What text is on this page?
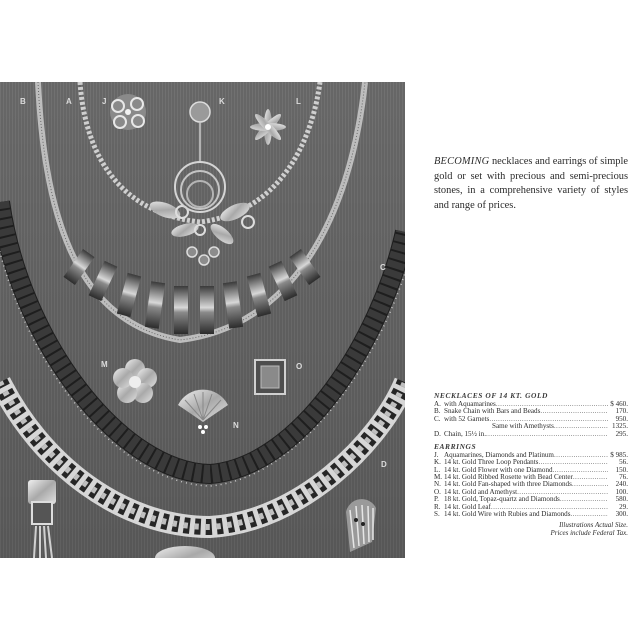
B	A	J	K	L
C
M
N
O
D

BECOMING necklaces and earrings of simple gold or set with precious and semi-precious stones, in a comprehensive variety of styles and range of prices.

NECKLACES OF 14 KT. GOLD
A. with Aquamarines .....	$ 460.
B. Snake Chain with Bars and Beads .....	170.
C. with 52 Garnets .....	950.
Same with Amethysts .....	1325.
D. Chain, 15½ in. .....	295.
EARRINGS
J. Aquamarines, Diamonds and Platinum .....	$ 985.
K. 14 kt. Gold Three Loop Pendants .....	56.
L. 14 kt. Gold Flower with one Diamond .....	150.
M. 14 kt. Gold Ribbed Rosette with Bead Center .....	76.
N. 14 kt. Gold Fan-shaped with three Diamonds .....	240.
O. 14 kt. Gold and Amethyst .....	100.
P. 18 kt. Gold, Topaz-quartz and Diamonds .....	580.
R. 14 kt. Gold Leaf .....	29.
S. 14 kt. Gold Wire with Rubies and Diamonds .....	300.
Illustrations Actual Size.
Prices include Federal Tax.
